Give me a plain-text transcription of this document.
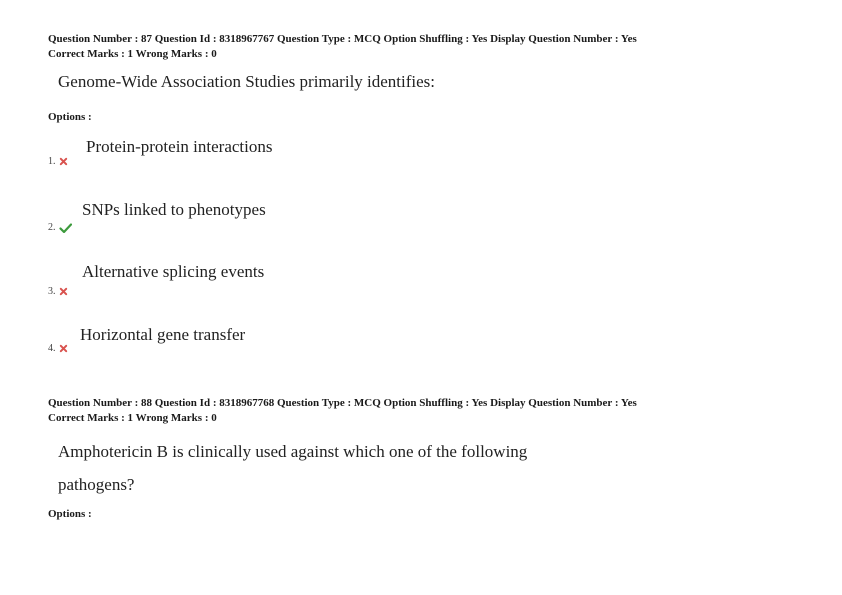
Question Number : 87 Question Id : 8318967767 Question Type : MCQ Option Shuffling : Yes Display Question Number : Yes
Correct Marks : 1 Wrong Marks : 0
Genome-Wide Association Studies primarily identifies:
Options :
Protein-protein interactions
1.
SNPs linked to phenotypes
2.
Alternative splicing events
3.
Horizontal gene transfer
4.
Question Number : 88 Question Id : 8318967768 Question Type : MCQ Option Shuffling : Yes Display Question Number : Yes
Correct Marks : 1 Wrong Marks : 0
Amphotericin B is clinically used against which one of the following
pathogens?
Options :
